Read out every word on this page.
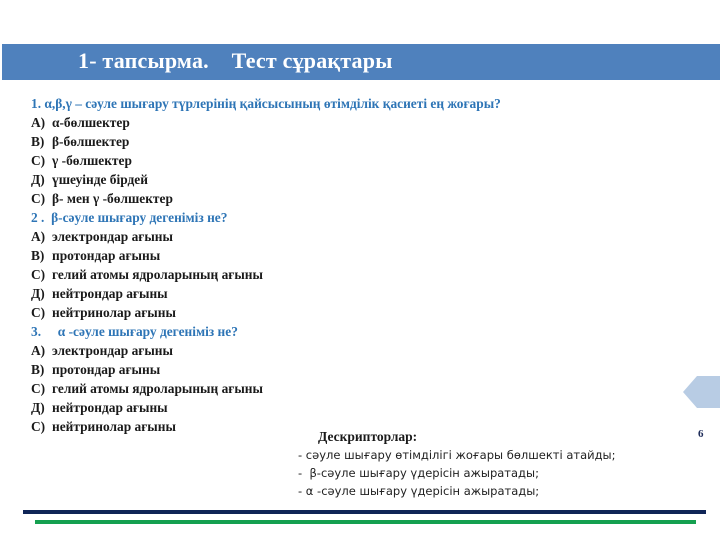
1- тапсырма.    Тест сұрақтары
1. α,β,γ – сәуле шығару түрлерінің қайсысының өтімділік қасиеті ең жоғары?
А) α-бөлшектер
В) β-бөлшектер
С) γ -бөлшектер
Д) үшеуінде бірдей
С) β- мен γ -бөлшектер
2 .  β-сәуле шығару дегеніміз не?
А) электрондар ағыны
В) протондар ағыны
С) гелий атомы ядроларының ағыны
Д) нейтрондар ағыны
С) нейтринолар ағыны
3.     α -сәуле шығару дегеніміз не?
А) электрондар ағыны
В) протондар ағыны
С) гелий атомы ядроларының ағыны
Д) нейтрондар ағыны
С) нейтринолар ағыны
Дескрипторлар:
- сәуле шығару өтімділігі жоғары бөлшекті атайды;
-  β-сәуле шығару үдерісін ажыратады;
- α -сәуле шығару үдерісін ажыратады;
6
